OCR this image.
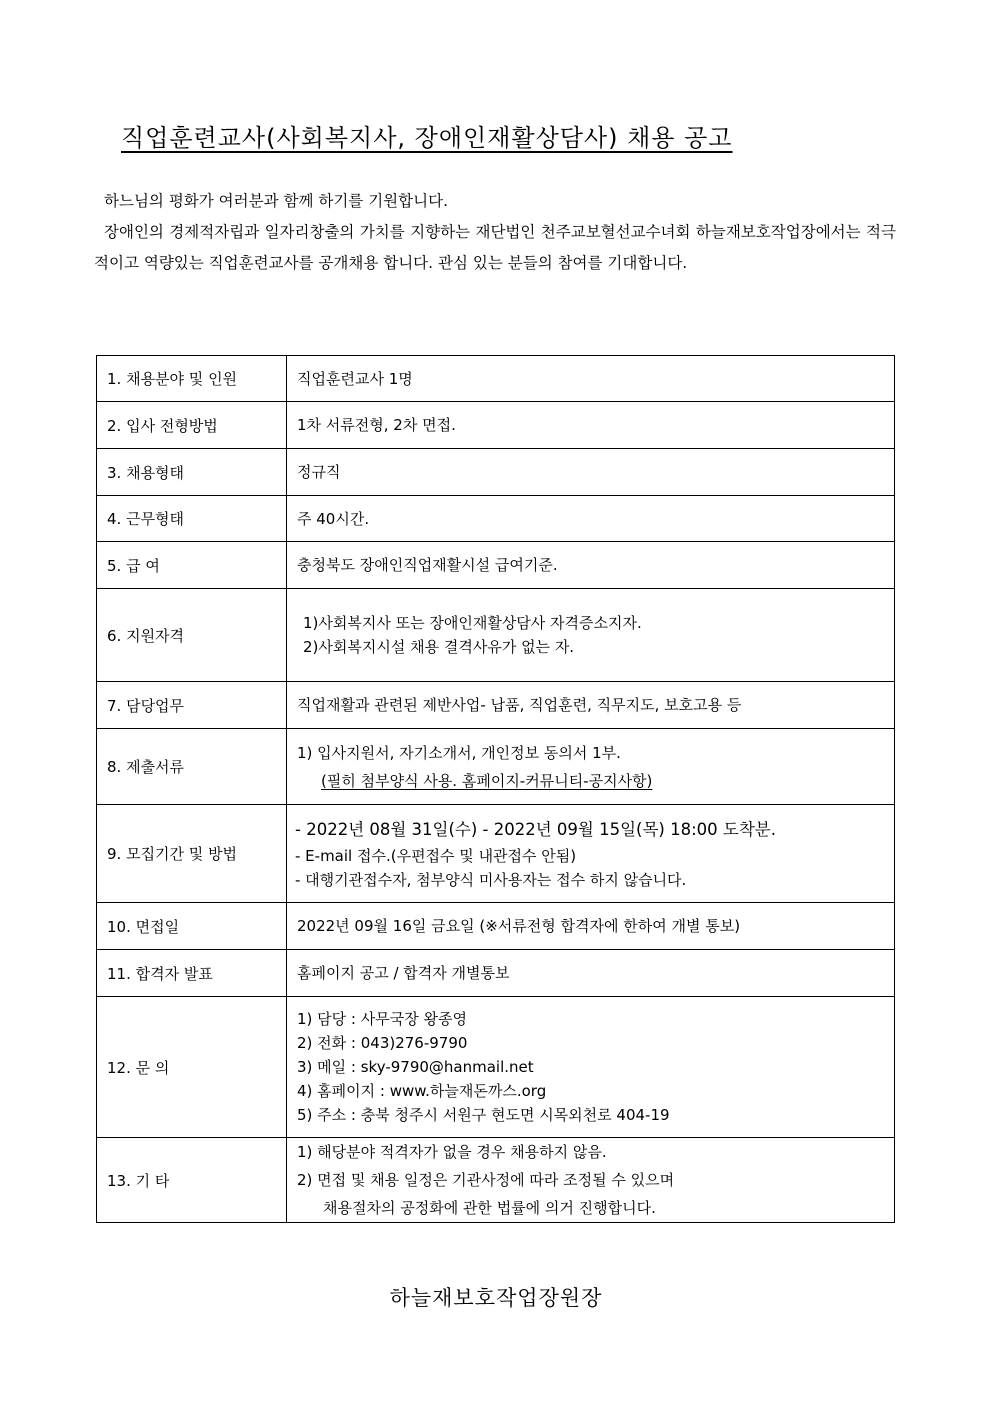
직업훈련교사(사회복지사, 장애인재활상담사) 채용 공고
하느님의 평화가 여러분과 함께 하기를 기원합니다.
장애인의 경제적자립과 일자리창출의 가치를 지향하는 재단법인 천주교보혈선교수녀회 하늘재보호작업장에서는 적극적이고 역량있는 직업훈련교사를 공개채용 합니다. 관심 있는 분들의 참여를 기대합니다.
1. 채용분야 및 인원	직업훈련교사 1명

2. 입사 전형방법	1차 서류전형, 2차 면접.

3. 채용형태	정규직

4. 근무형태	주 40시간.

5. 급 여	충청북도 장애인직업재활시설 급여기준.

6. 지원자격	1)사회복지사 또는 장애인재활상담사 자격증소지자.
2)사회복지시설 채용 결격사유가 없는 자.

7. 담당업무	직업재활과 관련된 제반사업- 납품, 직업훈련, 직무지도, 보호고용 등

8. 제출서류	1) 입사지원서, 자기소개서, 개인정보 동의서 1부.
(필히 첨부양식 사용. 홈페이지-커뮤니티-공지사항)

9. 모집기간 및 방법	- 2022년 08월 31일(수) - 2022년 09월 15일(목) 18:00 도착분.
- E-mail 접수.(우편접수 및 내관접수 안됨)
- 대행기관접수자, 첨부양식 미사용자는 접수 하지 않습니다.

10. 면접일	2022년 09월 16일 금요일 (※서류전형 합격자에 한하여 개별 통보)

11. 합격자 발표	홈페이지 공고 / 합격자 개별통보

12. 문 의	1) 담당 : 사무국장 왕종영
2) 전화 : 043)276-9790
3) 메일 : sky-9790@hanmail.net
4) 홈페이지 : www.하늘재돈까스.org
5) 주소 : 충북 청주시 서원구 현도면 시목외천로 404-19

13. 기 타	1) 해당분야 적격자가 없을 경우 채용하지 않음.
2) 면접 및 채용 일정은 기관사정에 따라 조정될 수 있으며
채용절차의 공정화에 관한 법률에 의거 진행합니다.
하늘재보호작업장원장
